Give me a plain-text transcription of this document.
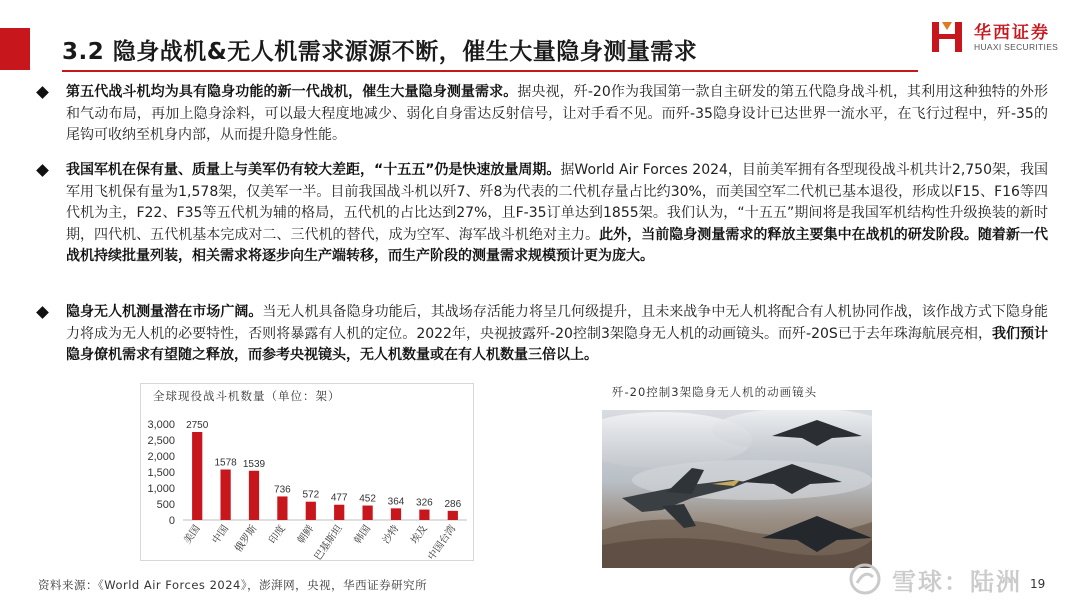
3.2 隐身战机&无人机需求源源不断，催生大量隐身测量需求
华西证券
HUAXI SECURITIES

第五代战斗机均为具有隐身功能的新一代战机，催生大量隐身测量需求。据央视，歼-20作为我国第一款自主研发的第五代隐身战斗机，其利用这种独特的外形和气动布局，再加上隐身涂料，可以最大程度地减少、弱化自身雷达反射信号，让对手看不见。而歼-35隐身设计已达世界一流水平，在飞行过程中，歼-35的尾钩可收纳至机身内部，从而提升隐身性能。

我国军机在保有量、质量上与美军仍有较大差距，“十五五”仍是快速放量周期。据World Air Forces 2024，目前美军拥有各型现役战斗机共计2,750架，我国军用飞机保有量为1,578架，仅美军一半。目前我国战斗机以歼7、歼8为代表的二代机存量占比约30%，而美国空军二代机已基本退役，形成以F15、F16等四代机为主，F22、F35等五代机为辅的格局，五代机的占比达到27%，且F-35订单达到1855架。我们认为，“十五五”期间将是我国军机结构性升级换装的新时期，四代机、五代机基本完成对二、三代机的替代，成为空军、海军战斗机绝对主力。此外，当前隐身测量需求的释放主要集中在战机的研发阶段。随着新一代战机持续批量列装，相关需求将逐步向生产端转移，而生产阶段的测量需求规模预计更为庞大。

隐身无人机测量潜在市场广阔。当无人机具备隐身功能后，其战场存活能力将呈几何级提升，且未来战争中无人机将配合有人机协同作战，该作战方式下隐身能力将成为无人机的必要特性，否则将暴露有人机的定位。2022年，央视披露歼-20控制3架隐身无人机的动画镜头。而歼-20S已于去年珠海航展亮相，我们预计隐身僚机需求有望随之释放，而参考央视镜头，无人机数量或在有人机数量三倍以上。

全球现役战斗机数量（单位：架）
0
500
1,000
1,500
2,000
2,500
3,000 2750
美国
1578
中国
1539
俄罗斯
736
印度
572
朝鲜
477
巴基斯坦
452
韩国
364
沙特
326
埃及
286
中国台湾
歼-20控制3架隐身无人机的动画镜头
资料来源：《World Air Forces 2024》，澎湃网，央视，华西证券研究所	雪球：陆洲 19
